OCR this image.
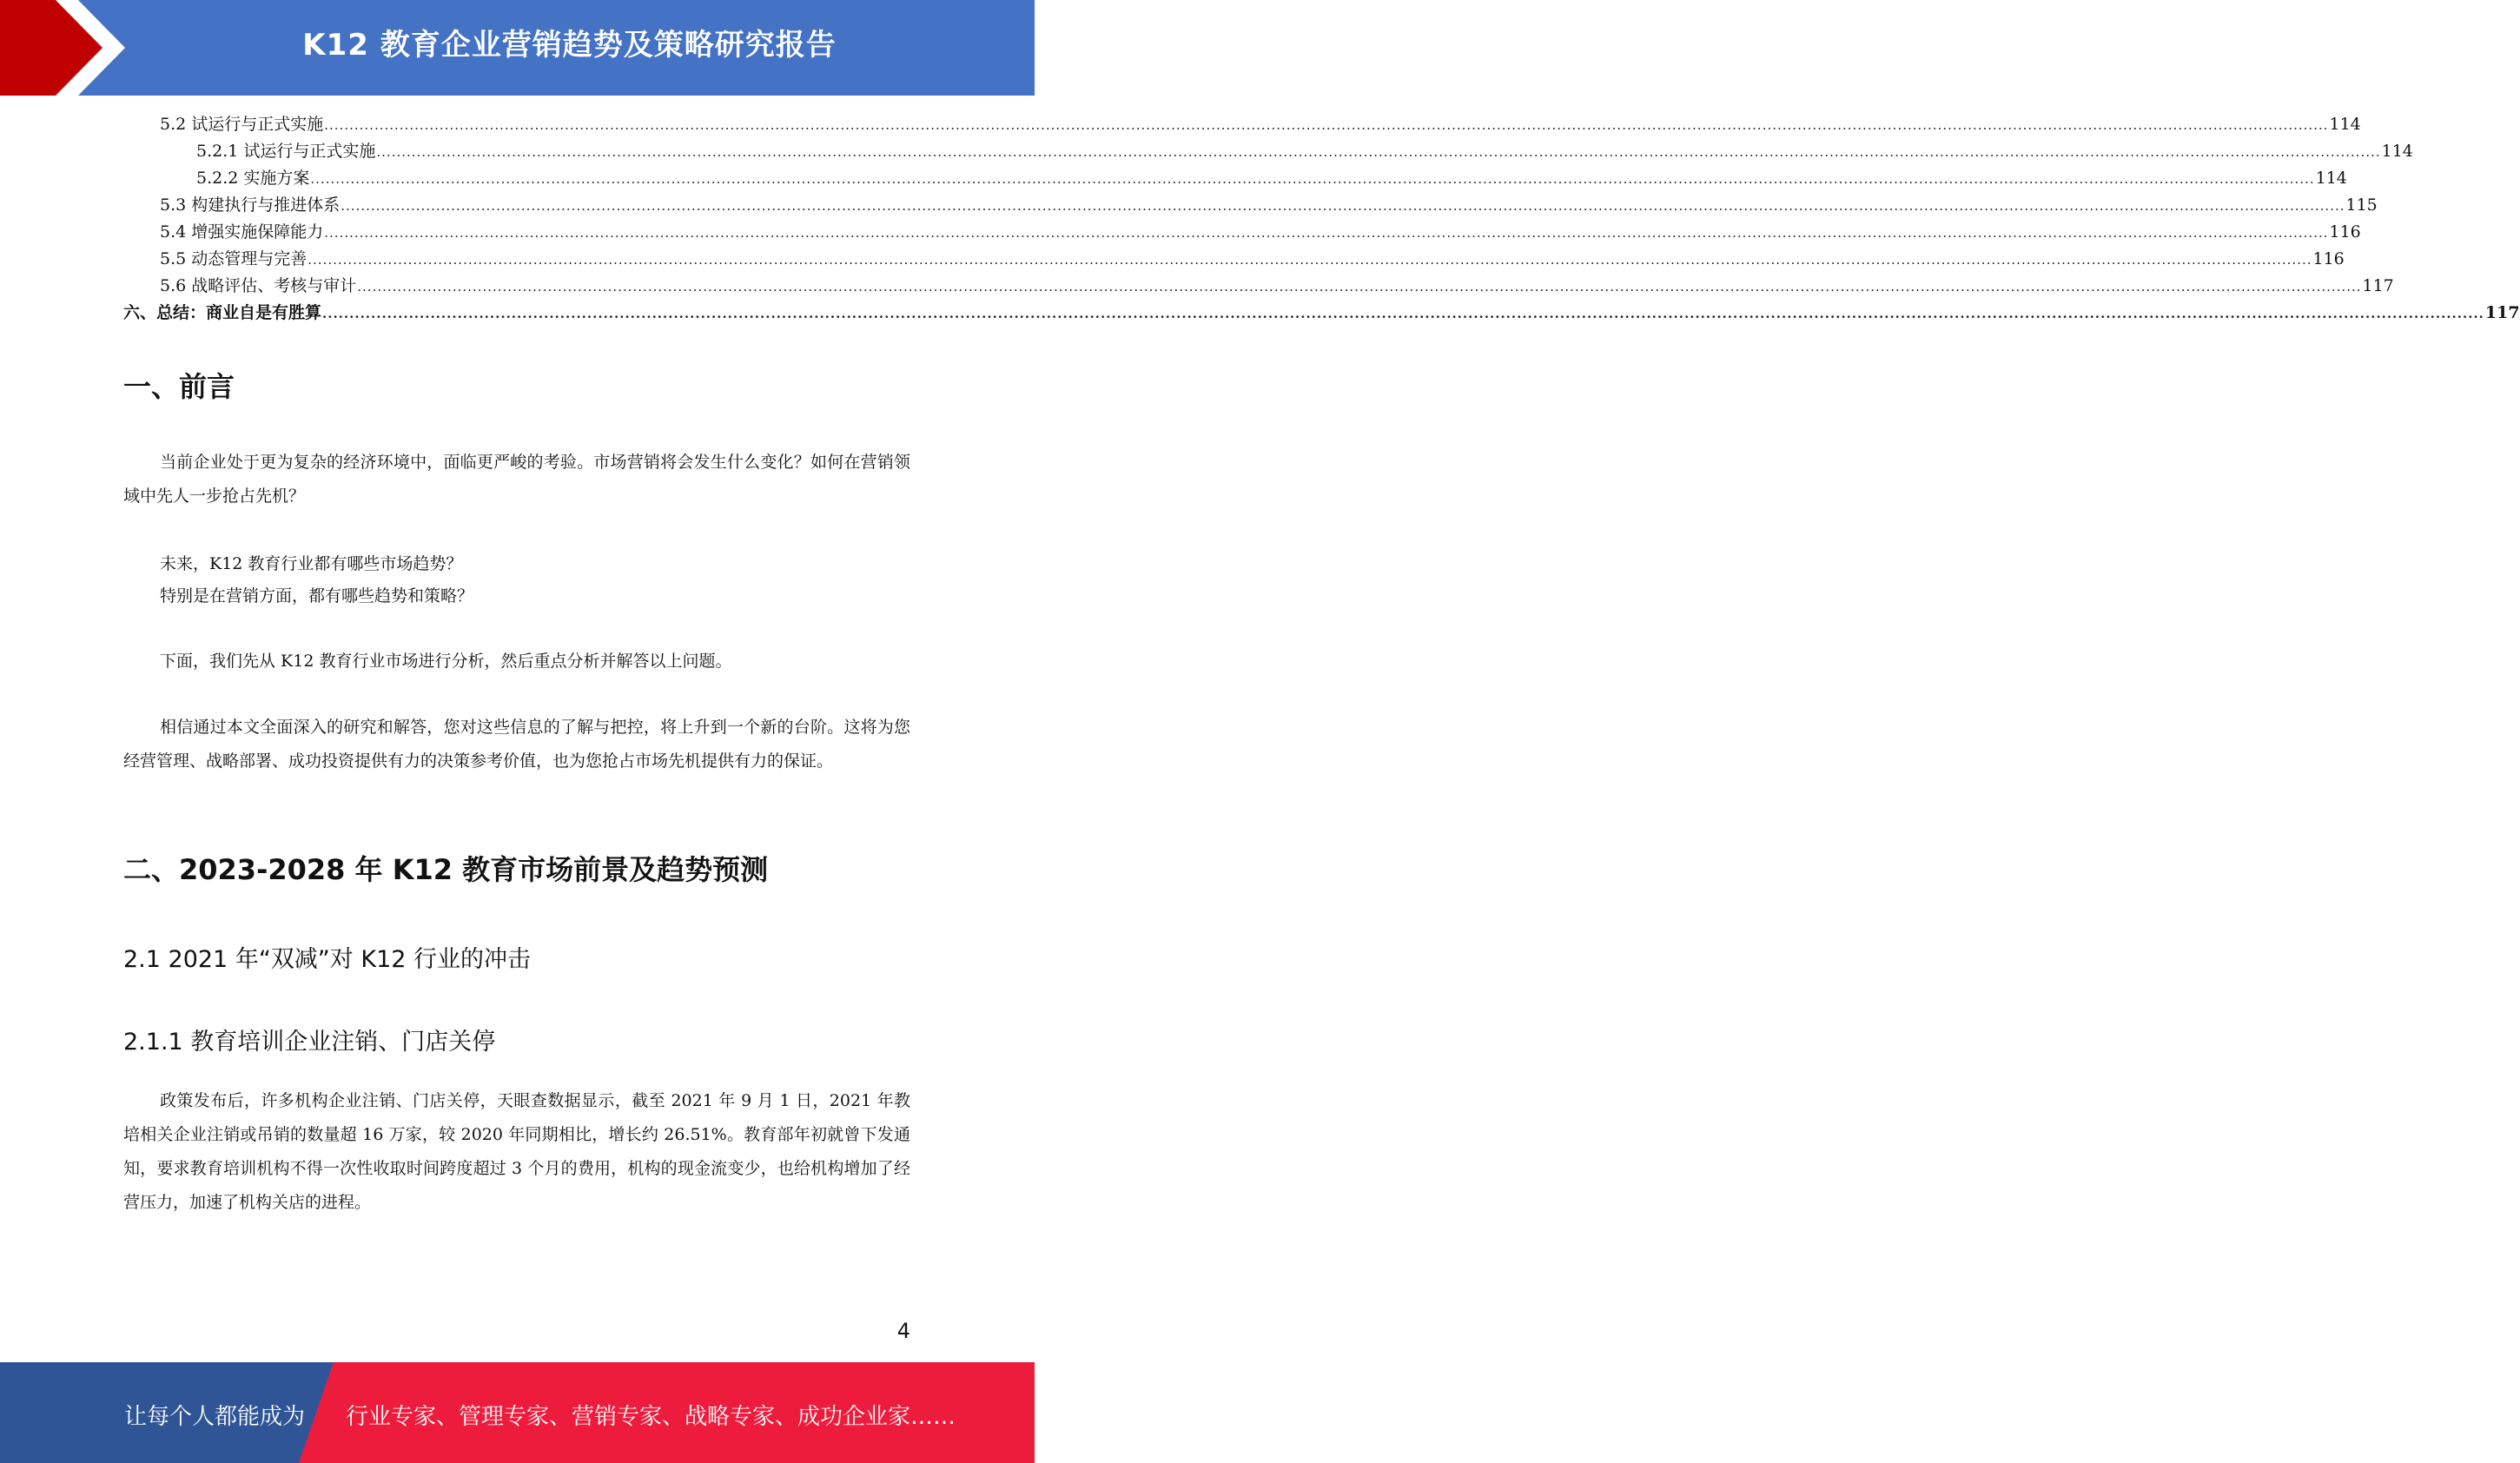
K12 教育企业营销趋势及策略研究报告
5.2 试运行与正式实施 ................................................................................................................................................................................................................................................................................................................................................................................................................ 114
5.2.1 试运行与正式实施 ................................................................................................................................................................................................................................................................................................................................................................................................................ 114
5.2.2 实施方案 ................................................................................................................................................................................................................................................................................................................................................................................................................ 114
5.3 构建执行与推进体系 ................................................................................................................................................................................................................................................................................................................................................................................................................ 115
5.4 增强实施保障能力 ................................................................................................................................................................................................................................................................................................................................................................................................................ 116
5.5 动态管理与完善 ................................................................................................................................................................................................................................................................................................................................................................................................................ 116
5.6 战略评估、考核与审计 ................................................................................................................................................................................................................................................................................................................................................................................................................ 117
六、总结：商业自是有胜算 ................................................................................................................................................................................................................................................................................................................................................................................................................ 117
一、前言

当前企业处于更为复杂的经济环境中，面临更严峻的考验。市场营销将会发生什么变化？如何在营销领域中先人一步抢占先机？

未来，K12 教育行业都有哪些市场趋势？

特别是在营销方面，都有哪些趋势和策略？

下面，我们先从 K12 教育行业市场进行分析，然后重点分析并解答以上问题。

相信通过本文全面深入的研究和解答，您对这些信息的了解与把控，将上升到一个新的台阶。这将为您经营管理、战略部署、成功投资提供有力的决策参考价值，也为您抢占市场先机提供有力的保证。

二、2023-2028 年 K12 教育市场前景及趋势预测
2.1 2021 年“双减”对 K12 行业的冲击
2.1.1 教育培训企业注销、门店关停

政策发布后，许多机构企业注销、门店关停，天眼查数据显示，截至 2021 年 9 月 1 日，2021 年教培相关企业注销或吊销的数量超 16 万家，较 2020 年同期相比，增长约 26.51%。教育部年初就曾下发通知，要求教育培训机构不得一次性收取时间跨度超过 3 个月的费用，机构的现金流变少，也给机构增加了经营压力，加速了机构关店的进程。

4
让每个人都能成为 行业专家、管理专家、营销专家、战略专家、成功企业家……
